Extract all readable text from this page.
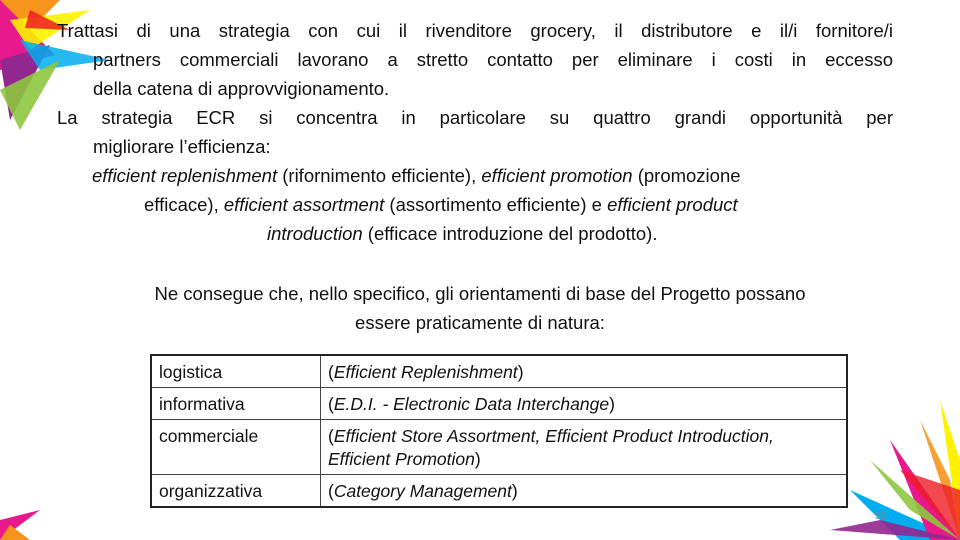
Trattasi di una strategia con cui il rivenditore grocery, il distributore e il/i fornitore/i
partners commerciali lavorano a stretto contatto per eliminare i costi in eccesso
della catena di approvvigionamento.
La strategia ECR si concentra in particolare su quattro grandi opportunità per
migliorare l’efficienza:
efficient replenishment (rifornimento efficiente), efficient promotion (promozione
efficace), efficient assortment (assortimento efficiente) e efficient product
introduction (efficace introduzione del prodotto).
Ne consegue che, nello specifico, gli orientamenti di base del Progetto possano
essere praticamente di natura:
logistica	(Efficient Replenishment)
informativa	(E.D.I. - Electronic Data Interchange)
commerciale	(Efficient Store Assortment, Efficient Product Introduction, Efficient Promotion)
organizzativa	(Category Management)
55
